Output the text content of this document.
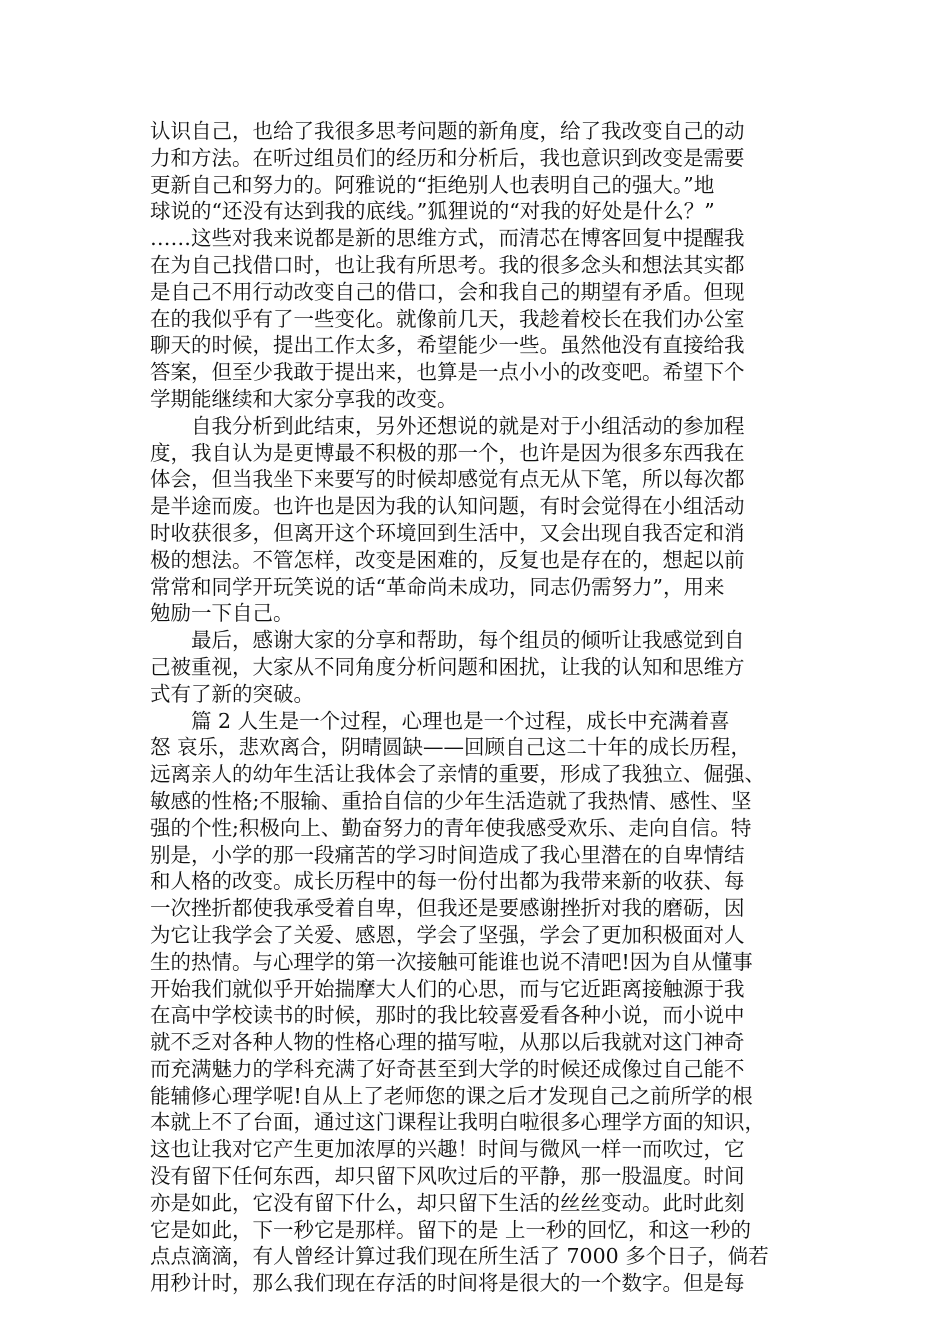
认识自己，也给了我很多思考问题的新角度，给了我改变自己的动
力和方法。在听过组员们的经历和分析后，我也意识到改变是需要
更新自己和努力的。阿雅说的“拒绝别人也表明自己的强大。”地
球说的“还没有达到我的底线。”狐狸说的“对我的好处是什么？”
……这些对我来说都是新的思维方式，而清芯在博客回复中提醒我
在为自己找借口时，也让我有所思考。我的很多念头和想法其实都
是自己不用行动改变自己的借口，会和我自己的期望有矛盾。但现
在的我似乎有了一些变化。就像前几天，我趁着校长在我们办公室
聊天的时候，提出工作太多，希望能少一些。虽然他没有直接给我
答案，但至少我敢于提出来，也算是一点小小的改变吧。希望下个
学期能继续和大家分享我的改变。
　　自我分析到此结束，另外还想说的就是对于小组活动的参加程
度，我自认为是更博最不积极的那一个，也许是因为很多东西我在
体会，但当我坐下来要写的时候却感觉有点无从下笔，所以每次都
是半途而废。也许也是因为我的认知问题，有时会觉得在小组活动
时收获很多，但离开这个环境回到生活中，又会出现自我否定和消
极的想法。不管怎样，改变是困难的，反复也是存在的，想起以前
常常和同学开玩笑说的话“革命尚未成功，同志仍需努力”，用来
勉励一下自己。
　　最后，感谢大家的分享和帮助，每个组员的倾听让我感觉到自
己被重视，大家从不同角度分析问题和困扰，让我的认知和思维方
式有了新的突破。
　　篇 2 人生是一个过程，心理也是一个过程，成长中充满着喜
怒 哀乐，悲欢离合，阴晴圆缺——回顾自己这二十年的成长历程，
远离亲人的幼年生活让我体会了亲情的重要，形成了我独立、倔强、
敏感的性格;不服输、重拾自信的少年生活造就了我热情、感性、坚
强的个性;积极向上、勤奋努力的青年使我感受欢乐、走向自信。特
别是，小学的那一段痛苦的学习时间造成了我心里潜在的自卑情结
和人格的改变。成长历程中的每一份付出都为我带来新的收获、每
一次挫折都使我承受着自卑，但我还是要感谢挫折对我的磨砺，因
为它让我学会了关爱、感恩，学会了坚强，学会了更加积极面对人
生的热情。与心理学的第一次接触可能谁也说不清吧!因为自从懂事
开始我们就似乎开始揣摩大人们的心思，而与它近距离接触源于我
在高中学校读书的时候，那时的我比较喜爱看各种小说，而小说中
就不乏对各种人物的性格心理的描写啦，从那以后我就对这门神奇
而充满魅力的学科充满了好奇甚至到大学的时候还成像过自己能不
能辅修心理学呢!自从上了老师您的课之后才发现自己之前所学的根
本就上不了台面，通过这门课程让我明白啦很多心理学方面的知识，
这也让我对它产生更加浓厚的兴趣！时间与微风一样一而吹过，它
没有留下任何东西，却只留下风吹过后的平静，那一股温度。时间
亦是如此，它没有留下什么，却只留下生活的丝丝变动。此时此刻
它是如此，下一秒它是那样。留下的是 上一秒的回忆，和这一秒的
点点滴滴，有人曾经计算过我们现在所生活了 7000 多个日子，倘若
用秒计时，那么我们现在存活的时间将是很大的一个数字。但是每
